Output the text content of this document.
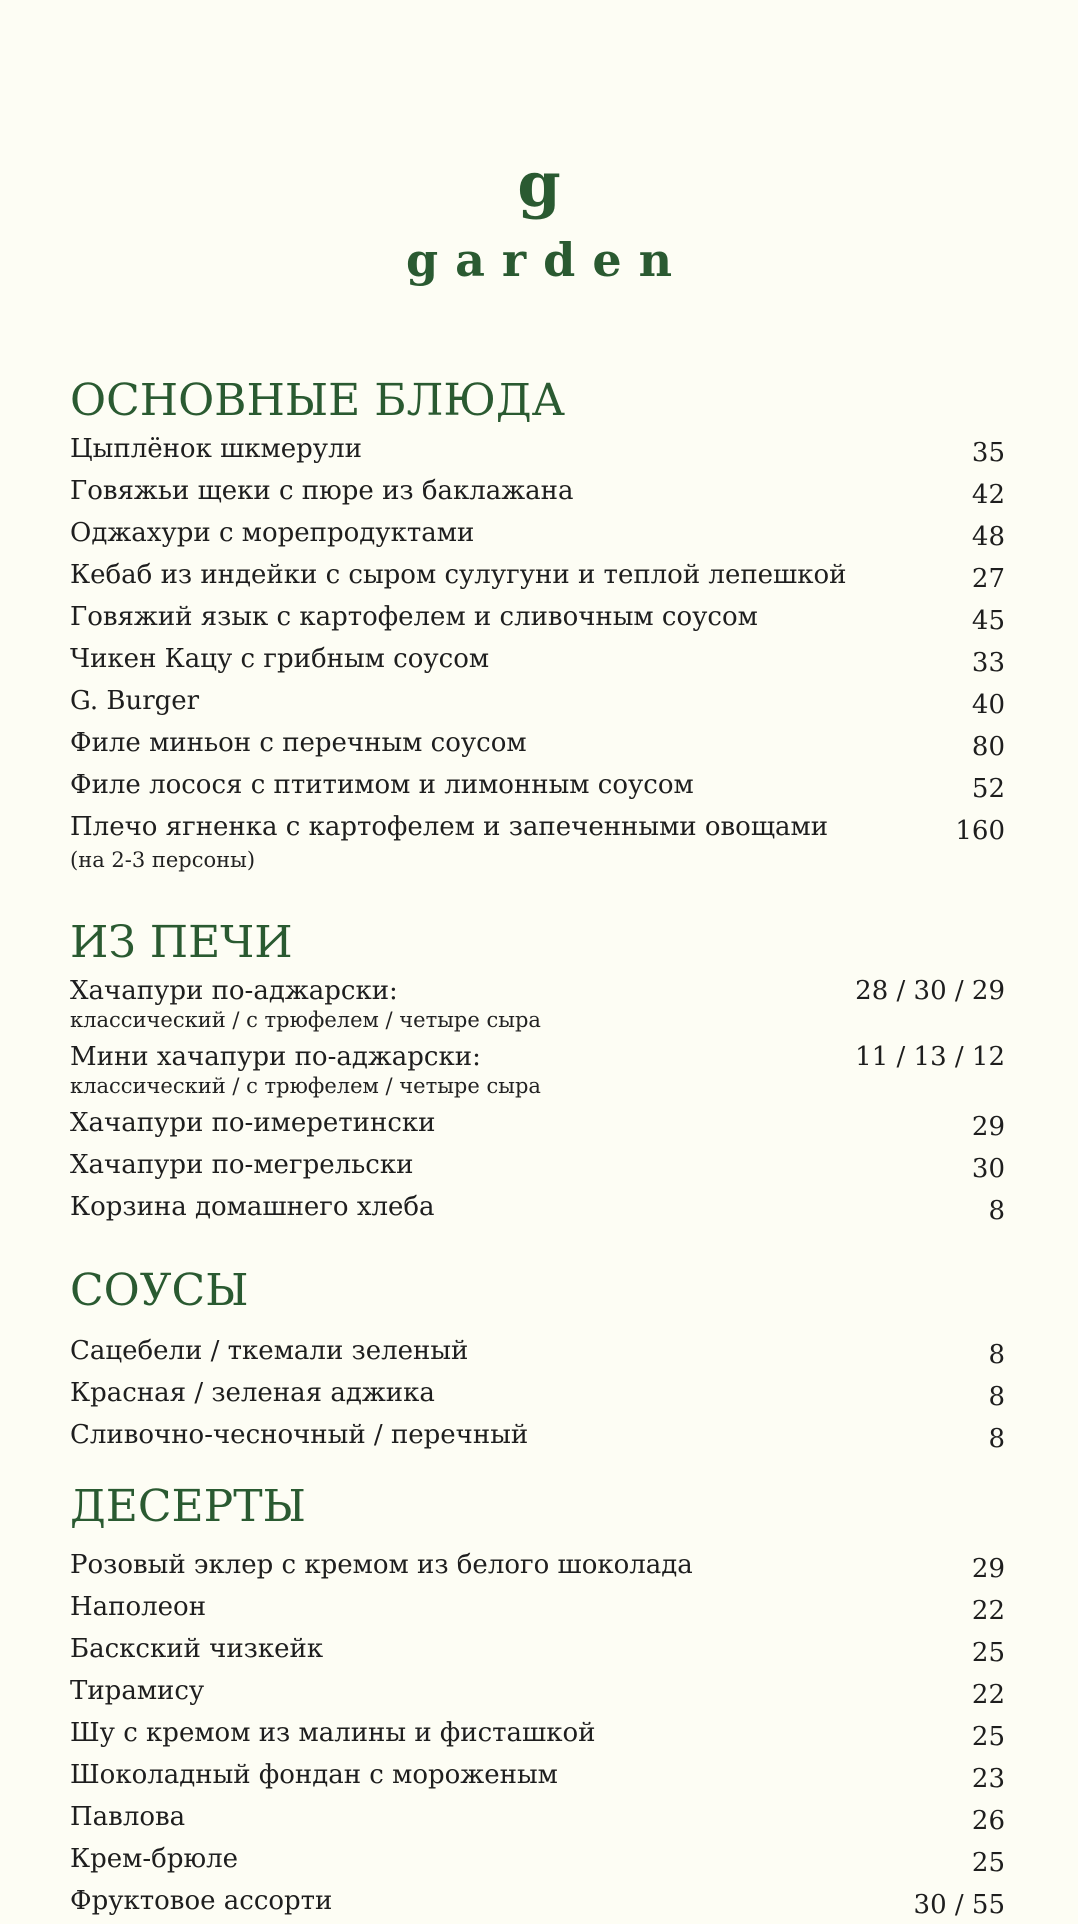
g
garden
ОСНОВНЫЕ БЛЮДА
Цыплёнок шкмерули	35
Говяжьи щеки с пюре из баклажана	42
Оджахури с морепродуктами	48
Кебаб из индейки с сыром сулугуни и теплой лепешкой	27
Говяжий язык с картофелем и сливочным соусом	45
Чикен Кацу с грибным соусом	33
G. Burger	40
Филе миньон с перечным соусом	80
Филе лосося с птитимом и лимонным соусом	52
Плечо ягненка с картофелем и запеченными овощами	160
(на 2-3 персоны)
ИЗ ПЕЧИ
Хачапури по-аджарски:	28 / 30 / 29
классический / с трюфелем / четыре сыра
Мини хачапури по-аджарски:	11 / 13 / 12
классический / с трюфелем / четыре сыра
Хачапури по-имеретински	29
Хачапури по-мегрельски	30
Корзина домашнего хлеба	8
СОУСЫ
Сацебели / ткемали зеленый	8
Красная / зеленая аджика	8
Сливочно-чесночный / перечный	8
ДЕСЕРТЫ
Розовый эклер с кремом из белого шоколада	29
Наполеон	22
Баскский чизкейк	25
Тирамису	22
Шу с кремом из малины и фисташкой	25
Шоколадный фондан с мороженым	23
Павлова	26
Крем-брюле	25
Фруктовое ассорти	30 / 55
